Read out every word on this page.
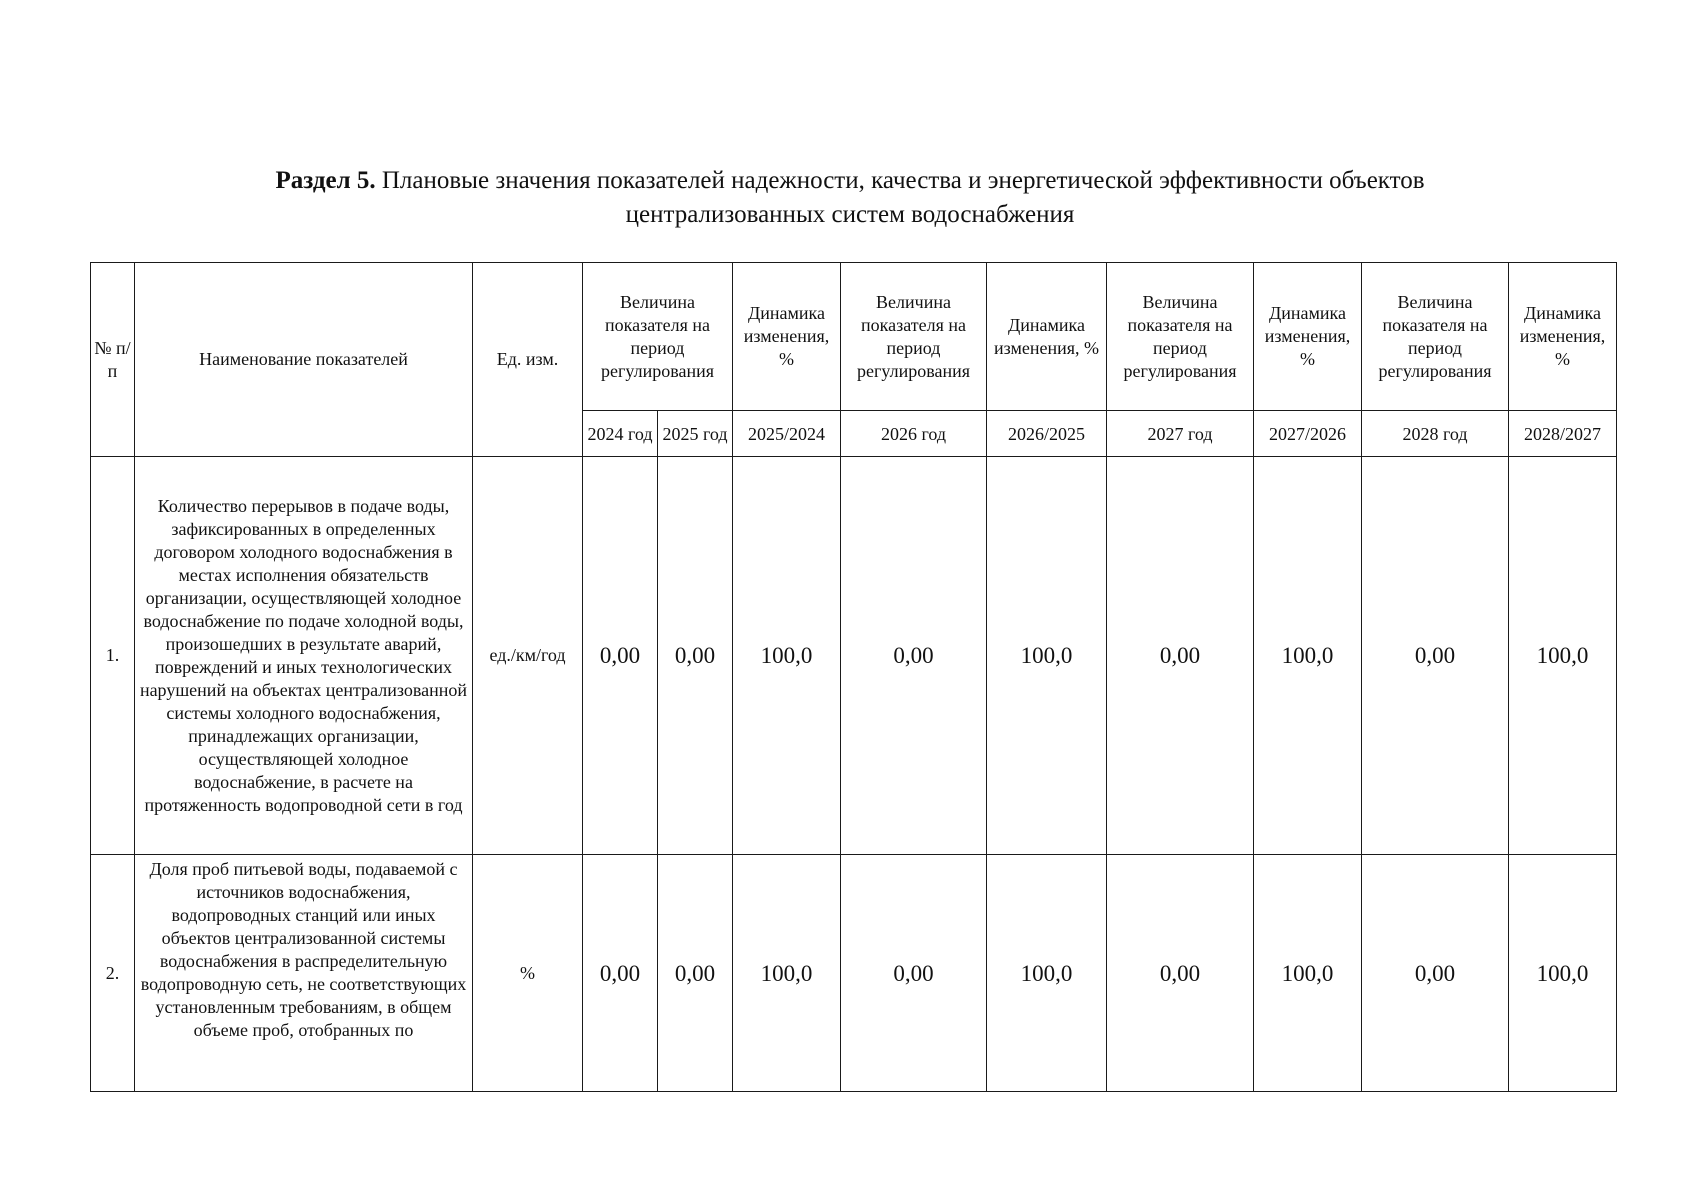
Раздел 5. Плановые значения показателей надежности, качества и энергетической эффективности объектов
централизованных систем водоснабжения
№ п/п	Наименование показателей	Ед. изм.	Величина показателя на период регулирования		Динамика изменения, %	Величина показателя на период регулирования	Динамика изменения, %	Величина показателя на период регулирования	Динамика изменения, %	Величина показателя на период регулирования	Динамика изменения, %
			2024 год	2025 год	2025/2024	2026 год	2026/2025	2027 год	2027/2026	2028 год	2028/2027
1.	Количество перерывов в подаче воды, зафиксированных в определенных договором холодного водоснабжения в местах исполнения обязательств организации, осуществляющей холодное водоснабжение по подаче холодной воды, произошедших в результате аварий, повреждений и иных технологических нарушений на объектах централизованной системы холодного водоснабжения, принадлежащих организации, осуществляющей холодное водоснабжение, в расчете на протяженность водопроводной сети в год	ед./км/год	0,00	0,00	100,0	0,00	100,0	0,00	100,0	0,00	100,0
2.	Доля проб питьевой воды, подаваемой с источников водоснабжения, водопроводных станций или иных объектов централизованной системы водоснабжения в распределительную водопроводную сеть, не соответствующих установленным требованиям, в общем объеме проб, отобранных по	%	0,00	0,00	100,0	0,00	100,0	0,00	100,0	0,00	100,0
